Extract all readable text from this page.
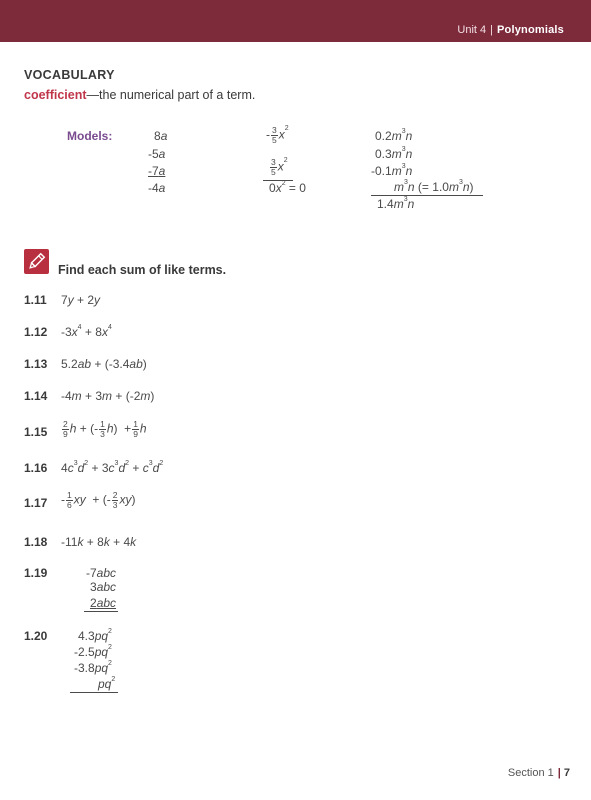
Unit 4 | Polynomials
VOCABULARY
coefficient—the numerical part of a term.
Models:	8a
-5a
-7a
-4a
- $\frac{3}{5} x^2$
$\frac{3}{5} x^2$
$0x^2 = 0$
$0.2m^3n$
$0.3m^3n$
$-0.1m^3n$
$m^3n$ (= $1.0m^3n$)
$1.4m^3n$
Find each sum of like terms.
1.11
1.12
1.13
1.14
1.15
1.16
1.17
1.18
1.19
1.20
7y + 2y
$-3x^4 + 8x^4$
5.2ab + (-3.4ab)
-4m + 3m + (-2m)
$\frac{2}{9}$ h + (- $\frac{1}{3} h) + \frac{1}{9}$ h
$4c^3d^2 + 3c^3d^2 + c^3d^2$
- $\frac{1}{6}$ xy  + (- $\frac{2}{3} xy$)
-11k + 8k + 4k
-7abc
3abc
2abc
$4.3pq^2$
$-2.5pq^2$
$-3.8pq^2$
$pq^2$
Section 1 | 7
